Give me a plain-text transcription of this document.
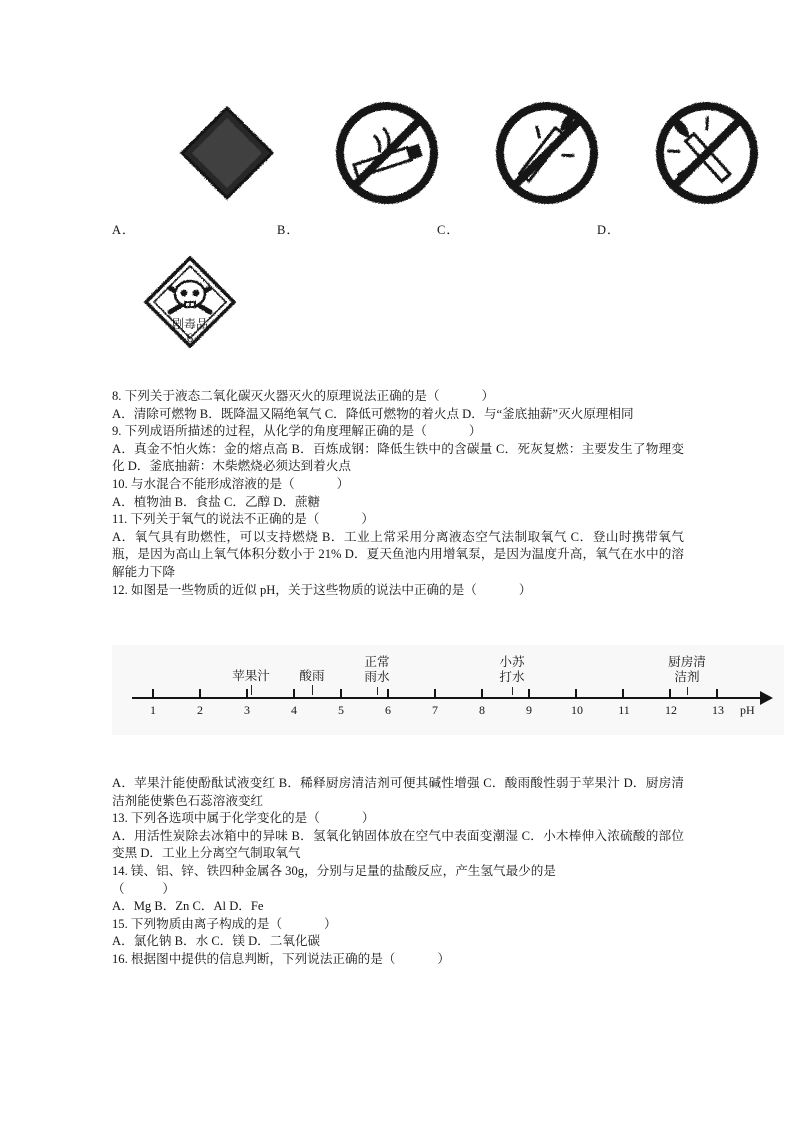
A．	B．	C．	D．
剧毒品
6

8. 下列关于液态二氧化碳灭火器灭火的原理说法正确的是（	）

A．清除可燃物 B．既降温又隔绝氧气 C．降低可燃物的着火点 D．与“釜底抽薪”灭火原理相同

9. 下列成语所描述的过程，从化学的角度理解正确的是（	）

A．真金不怕火炼：金的熔点高 B．百炼成钢：降低生铁中的含碳量 C．死灰复燃：主要发生了物理变化 D．釜底抽薪：木柴燃烧必须达到着火点

10. 与水混合不能形成溶液的是（	）

A．植物油 B．食盐 C．乙醇 D．蔗糖

11. 下列关于氧气的说法不正确的是（	）

A．氧气具有助燃性，可以支持燃烧 B．工业上常采用分离液态空气法制取氧气 C．登山时携带氧气瓶，是因为高山上氧气体积分数小于 21% D．夏天鱼池内用增氧泵，是因为温度升高，氧气在水中的溶解能力下降

12. 如图是一些物质的近似 pH，关于这些物质的说法中正确的是（	）

1	2	3	4	5	6	7	8	9	10	11	12	13 pH
苹果汁 酸雨
正常
雨水
小苏
打水
厨房清
洁剂

A．苹果汁能使酚酞试液变红 B．稀释厨房清洁剂可便其碱性增强 C．酸雨酸性弱于苹果汁 D．厨房清洁剂能使紫色石蕊溶液变红

13. 下列各选项中属于化学变化的是（	）

A．用活性炭除去冰箱中的异味 B．氢氧化钠固体放在空气中表面变潮湿 C．小木棒伸入浓硫酸的部位变黑 D．工业上分离空气制取氧气

14. 镁、铝、锌、铁四种金属各 30g，分别与足量的盐酸反应，产生氢气最少的是

（　　　）

A．Mg B．Zn C．Al D．Fe

15. 下列物质由离子构成的是（	）

A．氯化钠 B．水 C．镁 D．二氧化碳

16. 根据图中提供的信息判断，下列说法正确的是（	）
